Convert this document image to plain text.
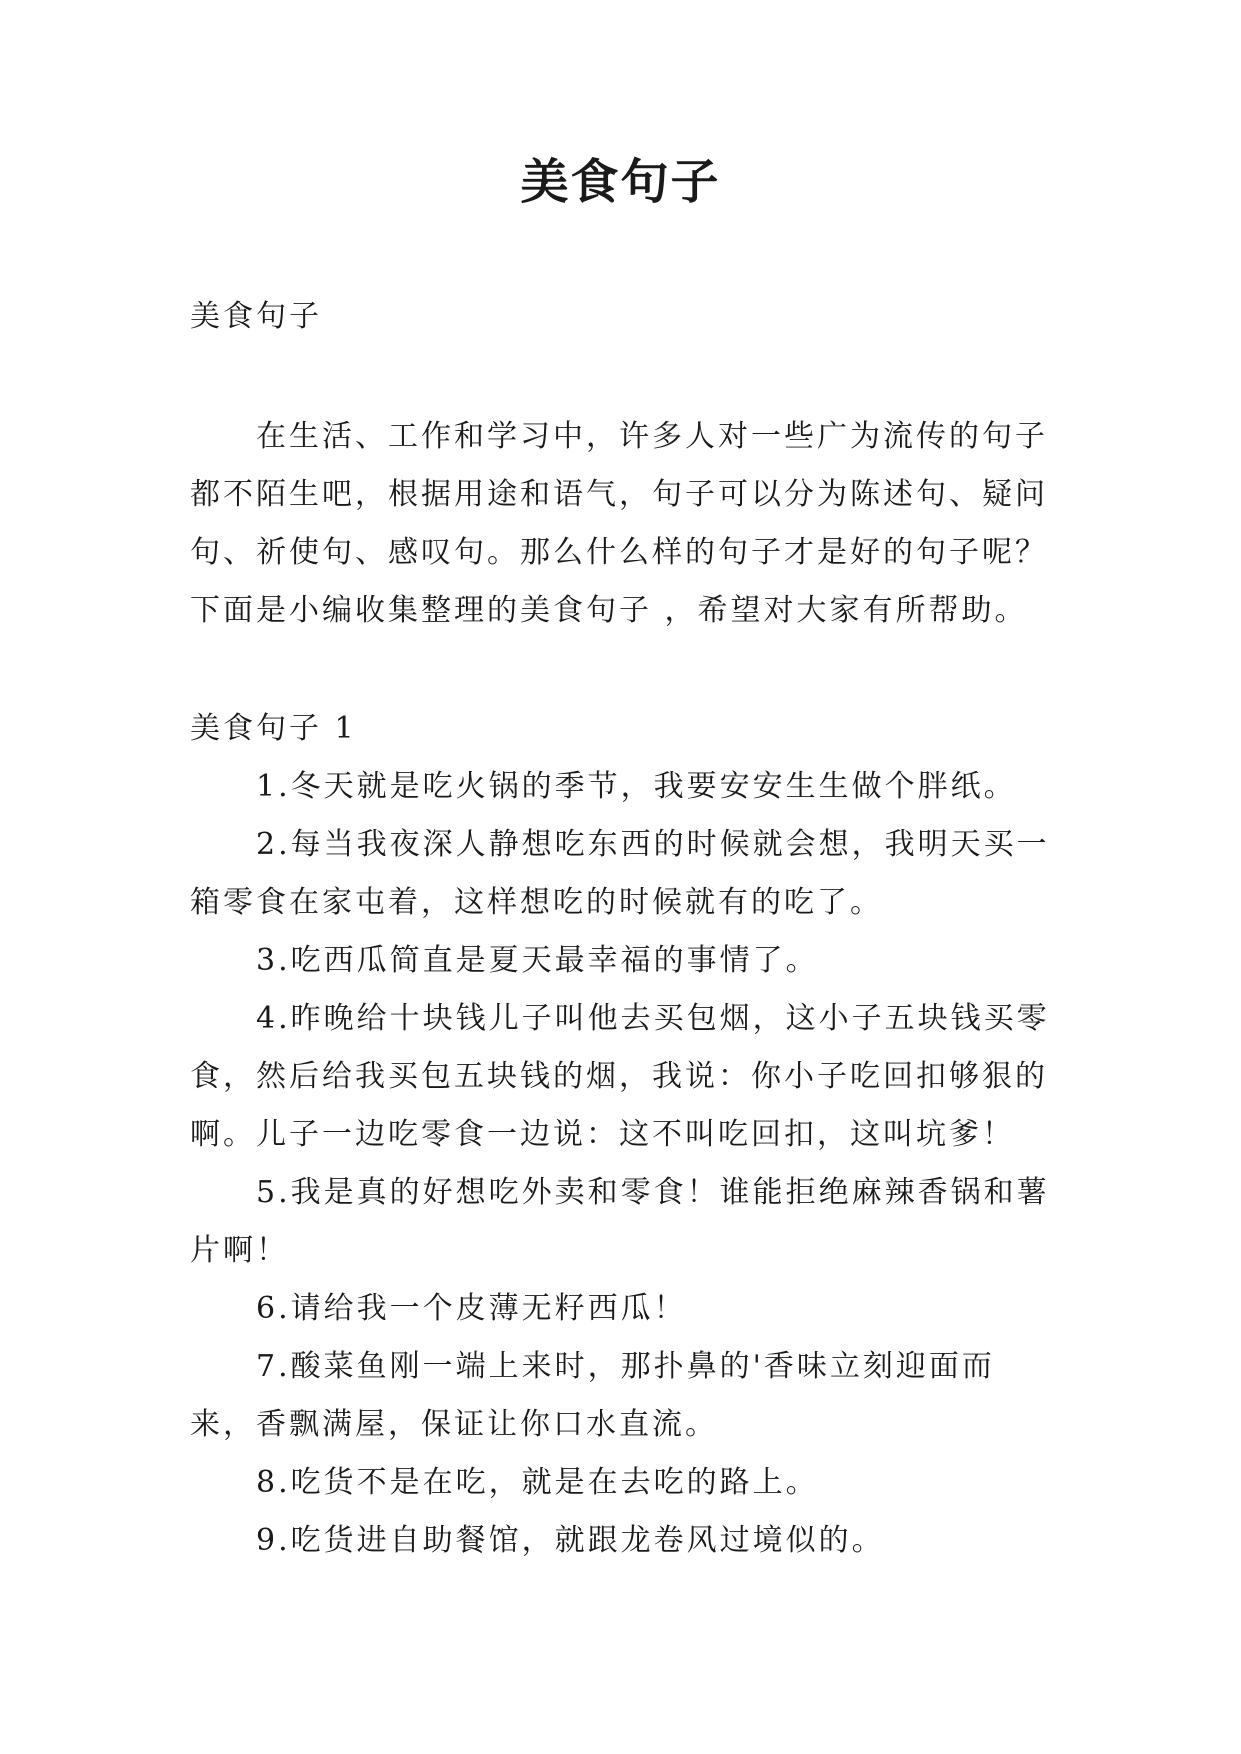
美食句子

美食句子

在生活、工作和学习中，许多人对一些广为流传的句子都不陌生吧，根据用途和语气，句子可以分为陈述句、疑问句、祈使句、感叹句。那么什么样的句子才是好的句子呢？下面是小编收集整理的美食句子 ，希望对大家有所帮助。

美食句子 1

1.冬天就是吃火锅的季节，我要安安生生做个胖纸。

2.每当我夜深人静想吃东西的时候就会想，我明天买一箱零食在家屯着，这样想吃的时候就有的吃了。

3.吃西瓜简直是夏天最幸福的事情了。

4.昨晚给十块钱儿子叫他去买包烟，这小子五块钱买零食，然后给我买包五块钱的烟，我说：你小子吃回扣够狠的啊。儿子一边吃零食一边说：这不叫吃回扣，这叫坑爹！

5.我是真的好想吃外卖和零食！谁能拒绝麻辣香锅和薯片啊！

6.请给我一个皮薄无籽西瓜！

7.酸菜鱼刚一端上来时，那扑鼻的'香味立刻迎面而来，香飘满屋，保证让你口水直流。

8.吃货不是在吃，就是在去吃的路上。

9.吃货进自助餐馆，就跟龙卷风过境似的。
